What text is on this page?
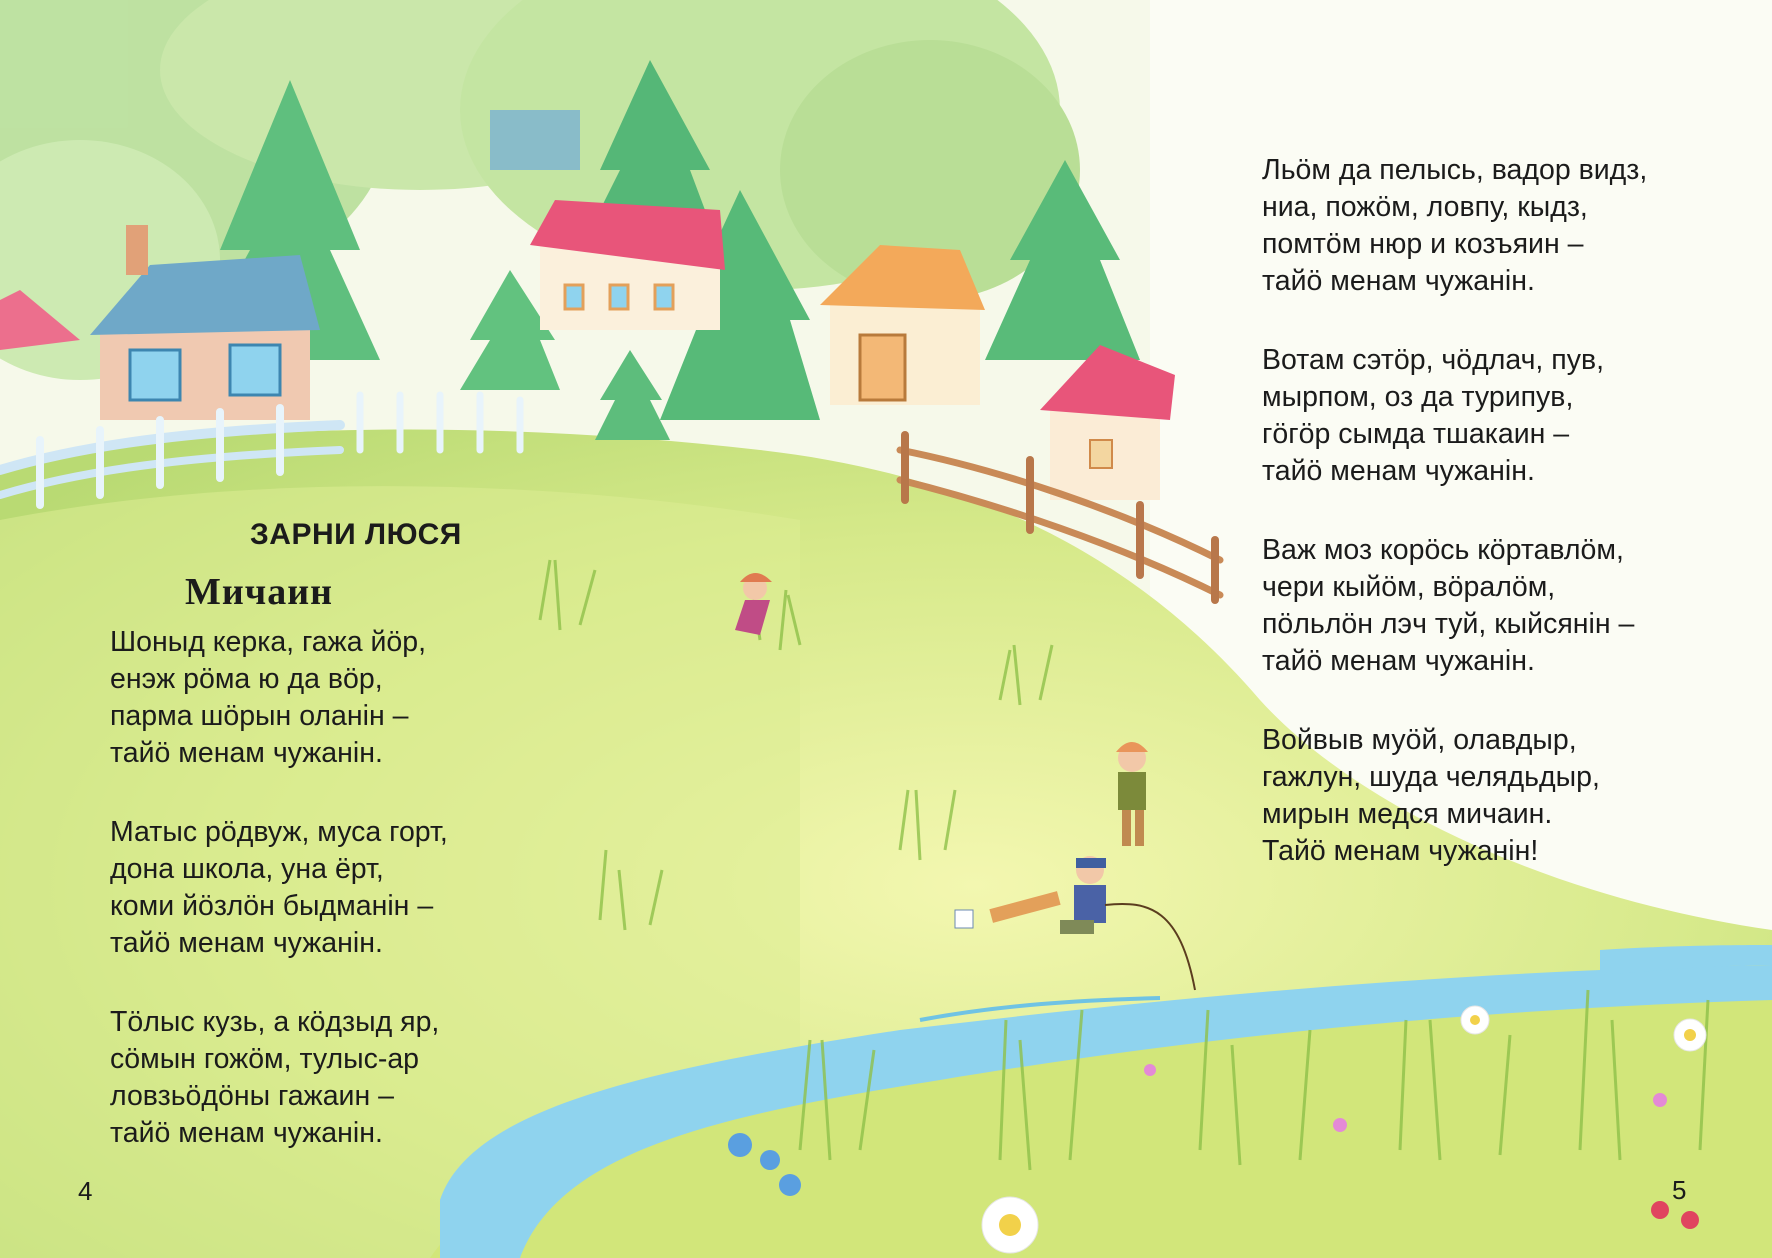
ЗАРНИ ЛЮСЯ
Мичаин
Шоныд керка, гажа йöр,
енэж рöма ю да вöр,
парма шöрын оланін –
тайö менам чужанін.
Матыс рöдвуж, муса горт,
дона школа, уна ёрт,
коми йöзлöн быдманін –
тайö менам чужанін.
Тöлыс кузь, а кöдзыд яр,
сöмын гожöм, тулыс-ар
ловзьöдöны гажаин –
тайö менам чужанін.
Льöм да пелысь, вадор видз,
ниа, пожöм, ловпу, кыдз,
помтöм нюр и козъяин –
тайö менам чужанін.
Вотам сэтöр, чöдлач, пув,
мырпом, оз да турипув,
гöгöр сымда тшакаин –
тайö менам чужанін.
Важ моз корöсь кöртавлöм,
чери кыйöм, вöралöм,
пöльлöн лэч туй, кыйсянін –
тайö менам чужанін.
Войвыв муöй, олавдыр,
гажлун, шуда челядьдыр,
мирын медся мичаин.
Тайö менам чужанін!
4	5
